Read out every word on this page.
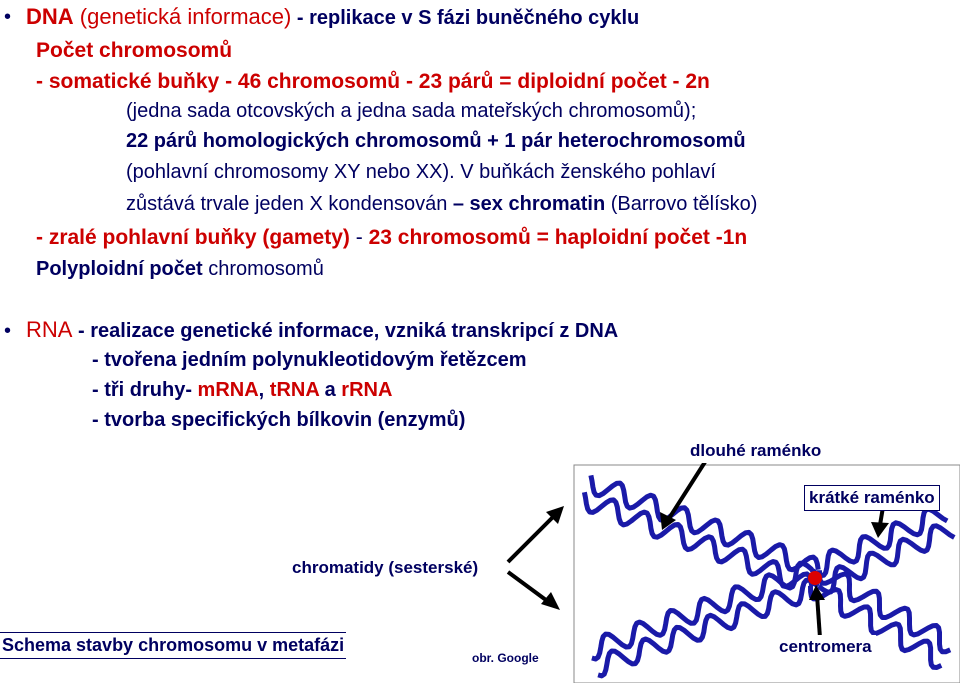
• DNA (genetická informace) - replikace v S fázi buněčného cyklu
Počet chromosomů
- somatické buňky - 46 chromosomů - 23 párů = diploidní počet - 2n
(jedna sada otcovských a jedna sada mateřských chromosomů);
22 párů homologických chromosomů + 1 pár heterochromosomů
(pohlavní chromosomy XY nebo XX). V buňkách ženského pohlaví
zůstává trvale jeden X kondensován – sex chromatin (Barrovo tělísko)
- zralé pohlavní buňky (gamety) - 23 chromosomů = haploidní počet -1n
Polyploidní počet chromosomů
• RNA - realizace genetické informace, vzniká transkripcí z DNA
- tvořena jedním polynukleotidovým řetězcem
- tři druhy- mRNA, tRNA a rRNA
- tvorba specifických bílkovin (enzymů)
dlouhé raménko
krátké raménko
chromatidy (sesterské)
centromera
Schema stavby chromosomu v metafázi
obr. Google
